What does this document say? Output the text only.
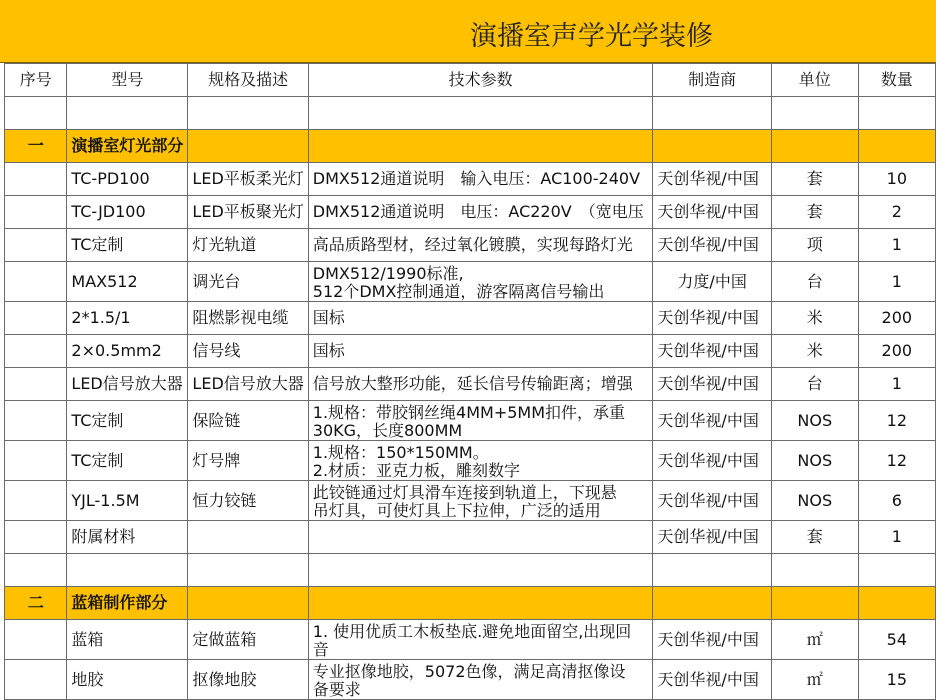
演播室声学光学装修
序号	型号	规格及描述	技术参数	制造商	单位	数量

一	演播室灯光部分					
	TC-PD100	LED平板柔光灯	DMX512通道说明　输入电压：AC100-240V	天创华视/中国	套	10
	TC-JD100	LED平板聚光灯	DMX512通道说明　电压：AC220V　（宽电压	天创华视/中国	套	2
	TC定制	灯光轨道	高品质路型材，经过氧化镀膜，实现每路灯光	天创华视/中国	项	1
	MAX512	调光台	DMX512/1990标准,
512个DMX控制通道，游客隔离信号输出	力度/中国	台	1
	2*1.5/1	阻燃影视电缆	国标	天创华视/中国	米	200
	2×0.5mm2	信号线	国标	天创华视/中国	米	200
	LED信号放大器	LED信号放大器	信号放大整形功能，延长信号传输距离；增强	天创华视/中国	台	1
	TC定制	保险链	1.规格：带胶钢丝绳4MM+5MM扣件，承重
30KG，长度800MM	天创华视/中国	NOS	12
	TC定制	灯号牌	1.规格：150*150MM。
2.材质：亚克力板，雕刻数字	天创华视/中国	NOS	12
	YJL-1.5M	恒力铰链	此铰链通过灯具滑车连接到轨道上，下现悬
吊灯具，可使灯具上下拉伸，广泛的适用	天创华视/中国	NOS	6
	附属材料			天创华视/中国	套	1

二	蓝箱制作部分					
	蓝箱	定做蓝箱	1. 使用优质工木板垫底.避免地面留空,出现回
音	天创华视/中国	㎡	54
	地胶	抠像地胶	专业抠像地胶，5072色像，满足高清抠像设
备要求	天创华视/中国	㎡	15
